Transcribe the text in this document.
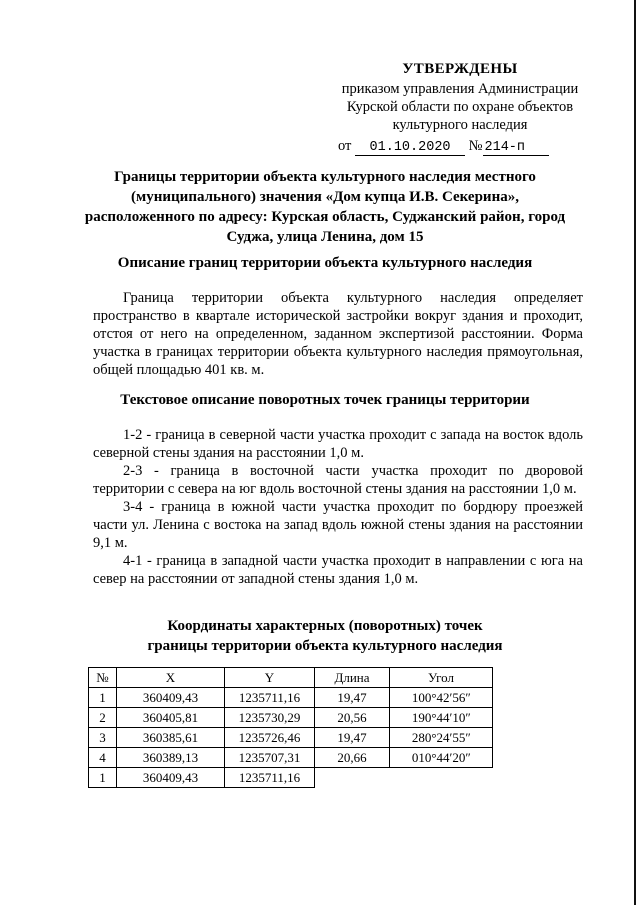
УТВЕРЖДЕНЫ
приказом управления Администрации
Курской области по охране объектов
культурного наследия
от 01.10.2020 № 214-п
Границы территории объекта культурного наследия местного (муниципального) значения «Дом купца И.В. Секерина», расположенного по адресу: Курская область, Суджанский район, город Суджа, улица Ленина, дом 15
Описание границ территории объекта культурного наследия

Граница территории объекта культурного наследия определяет пространство в квартале исторической застройки вокруг здания и проходит, отстоя от него на определенном, заданном экспертизой расстоянии. Форма участка в границах территории объекта культурного наследия прямоугольная, общей площадью 401 кв. м.

Текстовое описание поворотных точек границы территории

1-2 - граница в северной части участка проходит с запада на восток вдоль северной стены здания на расстоянии 1,0 м.

2-3 - граница в восточной части участка проходит по дворовой территории с севера на юг вдоль восточной стены здания на расстоянии 1,0 м.

3-4 - граница в южной части участка проходит по бордюру проезжей части ул. Ленина с востока на запад вдоль южной стены здания на расстоянии 9,1 м.

4-1 - граница в западной части участка проходит в направлении с юга на север на расстоянии от западной стены здания 1,0 м.

Координаты характерных (поворотных) точек
границы территории объекта культурного наследия
№	X	Y	Длина	Угол
1	360409,43	1235711,16	19,47	100°42ʹ56ʺ
2	360405,81	1235730,29	20,56	190°44ʹ10ʺ
3	360385,61	1235726,46	19,47	280°24ʹ55ʺ
4	360389,13	1235707,31	20,66	010°44ʹ20ʺ
1	360409,43	1235711,16		
